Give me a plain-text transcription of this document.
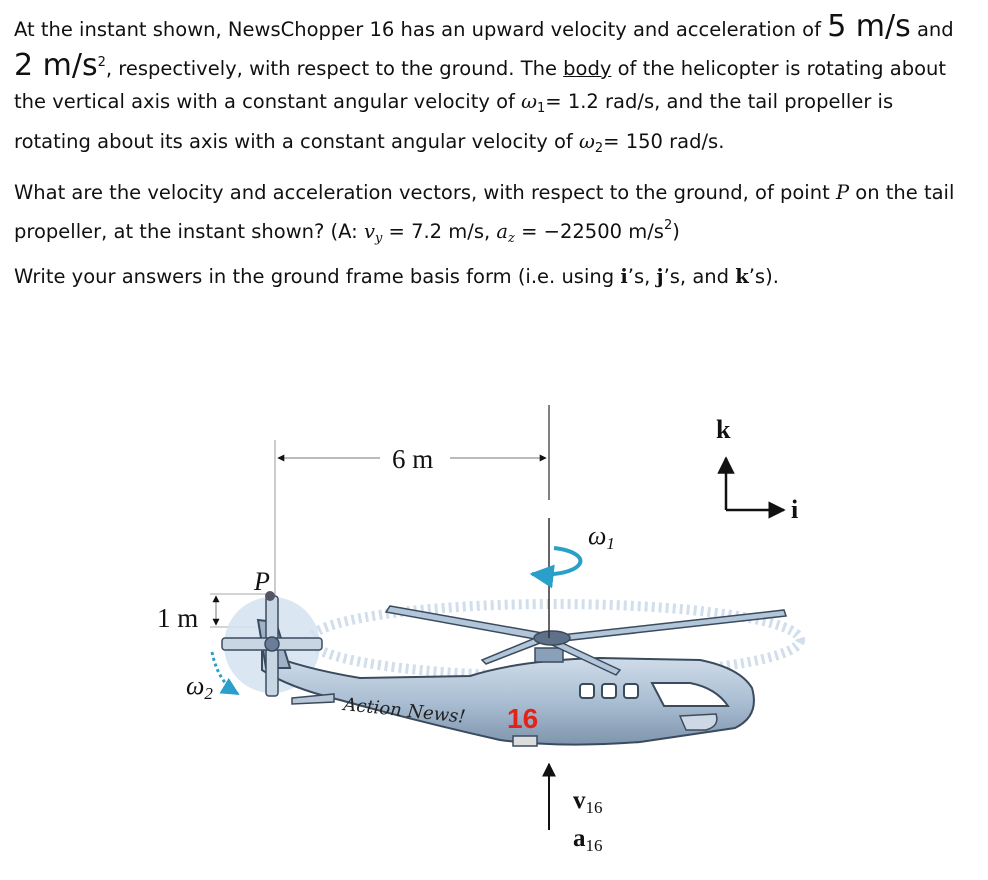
At the instant shown, NewsChopper 16 has an upward velocity and acceleration of 5 m/s and
2 $m/s^2$, respectively, with respect to the ground. The body of the helicopter is rotating about
the vertical axis with a constant angular velocity of $\omega_1= 1.2$ rad/s, and the tail propeller is
rotating about its axis with a constant angular velocity of $\omega_2= 150$ rad/s.
What are the velocity and acceleration vectors, with respect to the ground, of point P on the tail
propeller, at the instant shown? (A: $v_y = 7.2$ m/s, $a_z = -22500$ $m/s^2$)
Write your answers in the ground frame basis form (i.e. using i’s, j’s, and k’s).
6 m
1 m
Action News! 16
ω1
P
ω2
k
i
$v_{16}$
$a_{16}$
